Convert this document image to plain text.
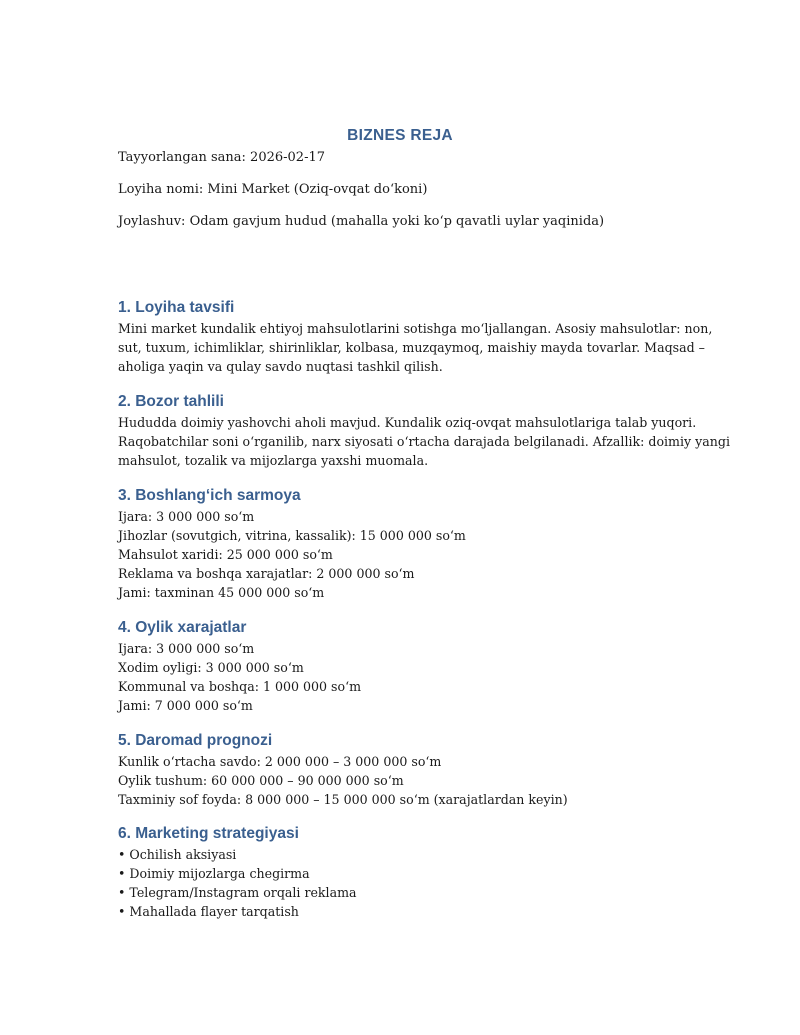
BIZNES REJA
Tayyorlangan sana: 2026-02-17
Loyiha nomi: Mini Market (Oziq-ovqat do‘koni)
Joylashuv: Odam gavjum hudud (mahalla yoki ko‘p qavatli uylar yaqinida)
1. Loyiha tavsifi
Mini market kundalik ehtiyoj mahsulotlarini sotishga mo‘ljallangan. Asosiy mahsulotlar: non,
sut, tuxum, ichimliklar, shirinliklar, kolbasa, muzqaymoq, maishiy mayda tovarlar. Maqsad –
aholiga yaqin va qulay savdo nuqtasi tashkil qilish.
2. Bozor tahlili
Hududda doimiy yashovchi aholi mavjud. Kundalik oziq-ovqat mahsulotlariga talab yuqori.
Raqobatchilar soni o‘rganilib, narx siyosati o‘rtacha darajada belgilanadi. Afzallik: doimiy yangi
mahsulot, tozalik va mijozlarga yaxshi muomala.
3. Boshlang‘ich sarmoya
Ijara: 3 000 000 so‘m
Jihozlar (sovutgich, vitrina, kassalik): 15 000 000 so‘m
Mahsulot xaridi: 25 000 000 so‘m
Reklama va boshqa xarajatlar: 2 000 000 so‘m
Jami: taxminan 45 000 000 so‘m
4. Oylik xarajatlar
Ijara: 3 000 000 so‘m
Xodim oyligi: 3 000 000 so‘m
Kommunal va boshqa: 1 000 000 so‘m
Jami: 7 000 000 so‘m
5. Daromad prognozi
Kunlik o‘rtacha savdo: 2 000 000 – 3 000 000 so‘m
Oylik tushum: 60 000 000 – 90 000 000 so‘m
Taxminiy sof foyda: 8 000 000 – 15 000 000 so‘m (xarajatlardan keyin)
6. Marketing strategiyasi
• Ochilish aksiyasi
• Doimiy mijozlarga chegirma
• Telegram/Instagram orqali reklama
• Mahallada flayer tarqatish
